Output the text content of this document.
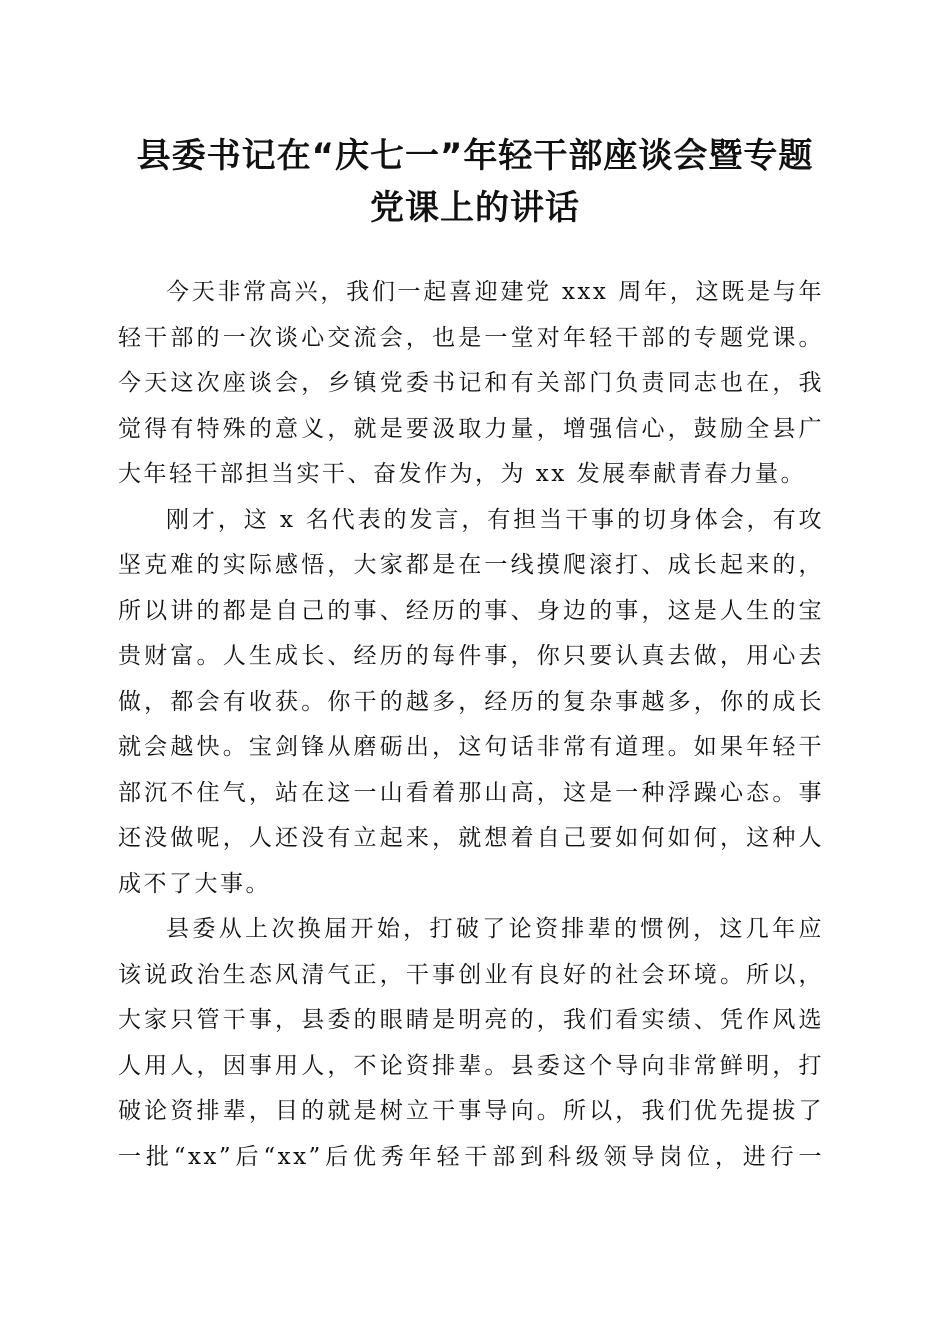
县委书记在“庆七一”年轻干部座谈会暨专题
党课上的讲话
今天非常高兴，我们一起喜迎建党 xxx 周年，这既是与年
轻干部的一次谈心交流会，也是一堂对年轻干部的专题党课。
今天这次座谈会，乡镇党委书记和有关部门负责同志也在，我
觉得有特殊的意义，就是要汲取力量，增强信心，鼓励全县广
大年轻干部担当实干、奋发作为，为 xx 发展奉献青春力量。
刚才，这 x 名代表的发言，有担当干事的切身体会，有攻
坚克难的实际感悟，大家都是在一线摸爬滚打、成长起来的，
所以讲的都是自己的事、经历的事、身边的事，这是人生的宝
贵财富。人生成长、经历的每件事，你只要认真去做，用心去
做，都会有收获。你干的越多，经历的复杂事越多，你的成长
就会越快。宝剑锋从磨砺出，这句话非常有道理。如果年轻干
部沉不住气，站在这一山看着那山高，这是一种浮躁心态。事
还没做呢，人还没有立起来，就想着自己要如何如何，这种人
成不了大事。
县委从上次换届开始，打破了论资排辈的惯例，这几年应
该说政治生态风清气正，干事创业有良好的社会环境。所以，
大家只管干事，县委的眼睛是明亮的，我们看实绩、凭作风选
人用人，因事用人，不论资排辈。县委这个导向非常鲜明，打
破论资排辈，目的就是树立干事导向。所以，我们优先提拔了
一批“xx”后“xx”后优秀年轻干部到科级领导岗位，进行一
